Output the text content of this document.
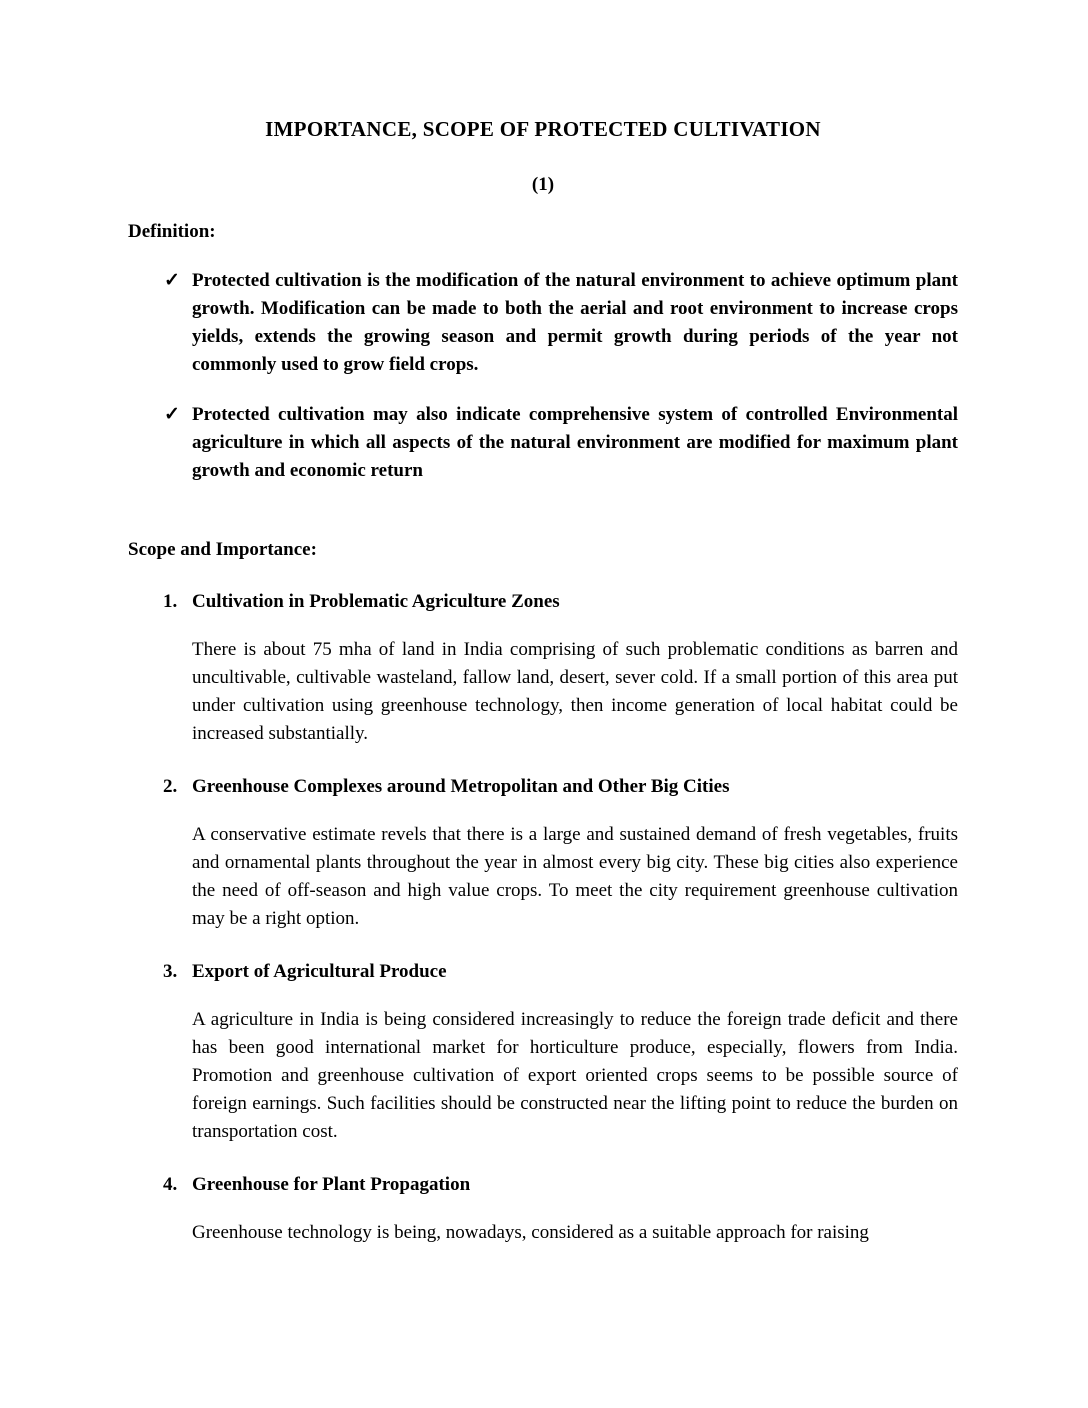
IMPORTANCE, SCOPE OF PROTECTED CULTIVATION
(1)
Definition:
✓ Protected cultivation is the modification of the natural environment to achieve optimum plant growth. Modification can be made to both the aerial and root environment to increase crops yields, extends the growing season and permit growth during periods of the year not commonly used to grow field crops.

✓ Protected cultivation may also indicate comprehensive system of controlled Environmental agriculture in which all aspects of the natural environment are modified for maximum plant growth and economic return

Scope and Importance:
1. Cultivation in Problematic Agriculture Zones

There is about 75 mha of land in India comprising of such problematic conditions as barren and uncultivable, cultivable wasteland, fallow land, desert, sever cold. If a small portion of this area put under cultivation using greenhouse technology, then income generation of local habitat could be increased substantially.

2. Greenhouse Complexes around Metropolitan and Other Big Cities

A conservative estimate revels that there is a large and sustained demand of fresh vegetables, fruits and ornamental plants throughout the year in almost every big city. These big cities also experience the need of off-season and high value crops. To meet the city requirement greenhouse cultivation may be a right option.

3. Export of Agricultural Produce

A agriculture in India is being considered increasingly to reduce the foreign trade deficit and there has been good international market for horticulture produce, especially, flowers from India. Promotion and greenhouse cultivation of export oriented crops seems to be possible source of foreign earnings. Such facilities should be constructed near the lifting point to reduce the burden on transportation cost.

4. Greenhouse for Plant Propagation

Greenhouse technology is being, nowadays, considered as a suitable approach for raising
